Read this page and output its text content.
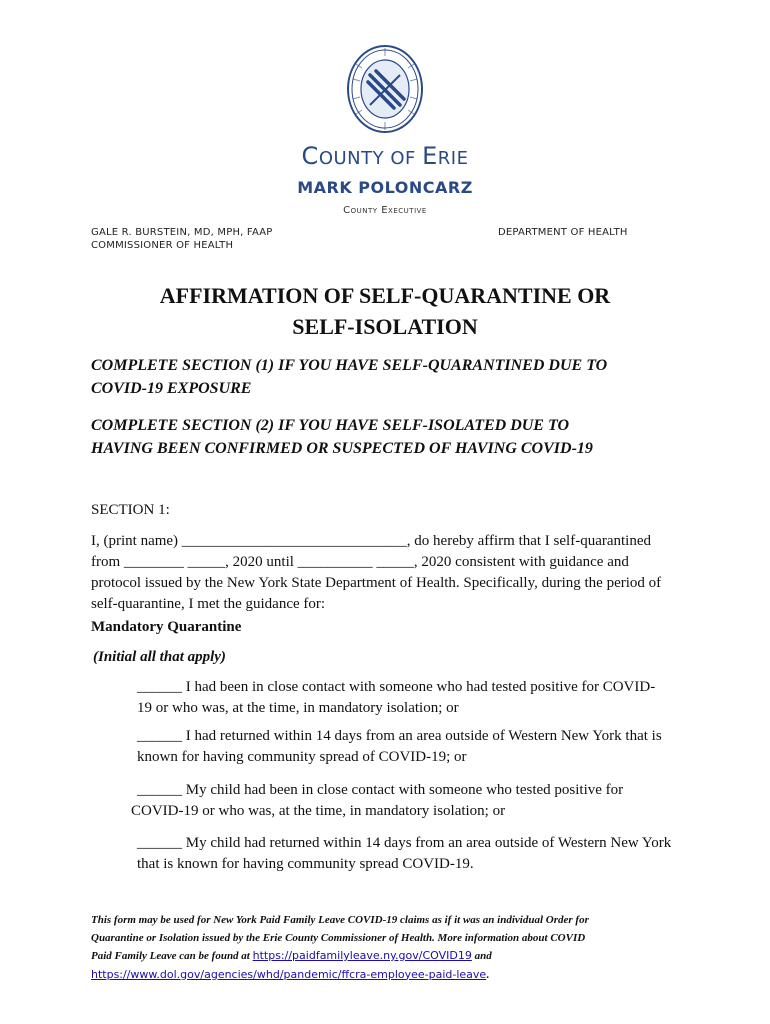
COUNTY OF ERIE
MARK POLONCARZ
County Executive
GALE R. BURSTEIN, MD, MPH, FAAP
COMMISSIONER OF HEALTH
DEPARTMENT OF HEALTH
AFFIRMATION OF SELF-QUARANTINE OR
SELF-ISOLATION
COMPLETE SECTION (1) IF YOU HAVE SELF-QUARANTINED DUE TO
COVID-19 EXPOSURE
COMPLETE SECTION (2) IF YOU HAVE SELF-ISOLATED DUE TO
HAVING BEEN CONFIRMED OR SUSPECTED OF HAVING COVID-19
SECTION 1:
I, (print name) ______________________________, do hereby affirm that I self-quarantined
from ________ _____, 2020 until __________ _____, 2020 consistent with guidance and
protocol issued by the New York State Department of Health. Specifically, during the period of
self-quarantine, I met the guidance for:
Mandatory Quarantine
(Initial all that apply)
______ I had been in close contact with someone who had tested positive for COVID-
19 or who was, at the time, in mandatory isolation; or
______ I had returned within 14 days from an area outside of Western New York that is
known for having community spread of COVID-19; or
______ My child had been in close contact with someone who tested positive for
COVID-19 or who was, at the time, in mandatory isolation; or
______ My child had returned within 14 days from an area outside of Western New York
that is known for having community spread COVID-19.
This form may be used for New York Paid Family Leave COVID-19 claims as if it was an individual Order for
Quarantine or Isolation issued by the Erie County Commissioner of Health. More information about COVID
Paid Family Leave can be found at https://paidfamilyleave.ny.gov/COVID19 and
https://www.dol.gov/agencies/whd/pandemic/ffcra-employee-paid-leave.
